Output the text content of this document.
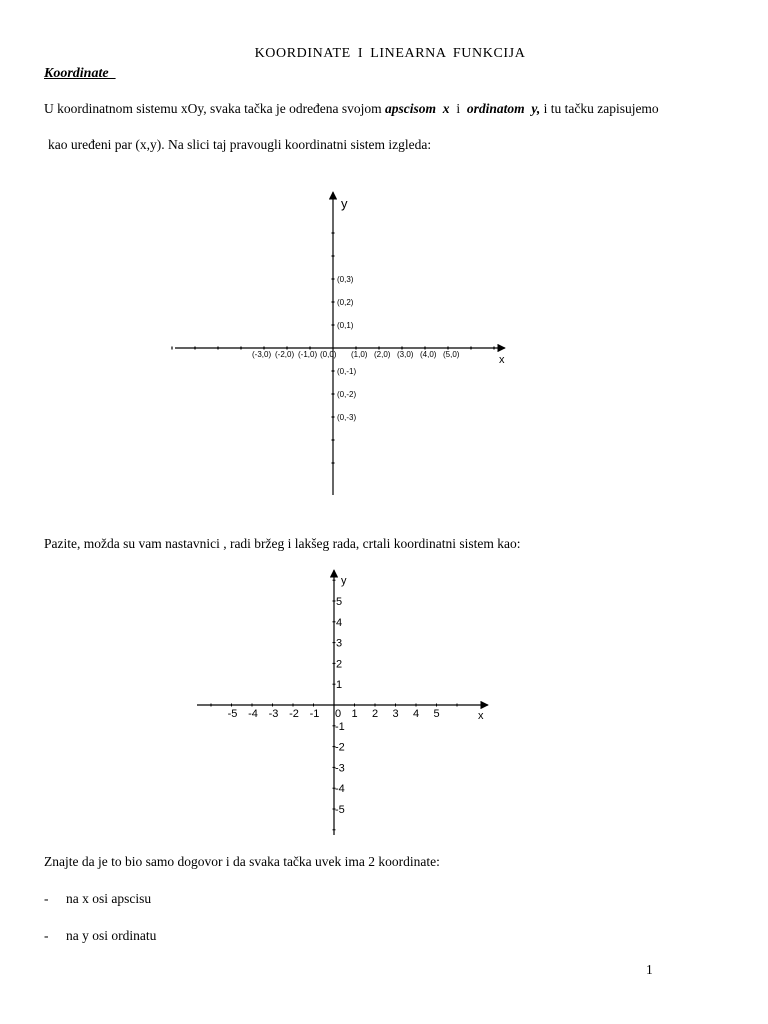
KOORDINATE I LINEARNA FUNKCIJA
Koordinate
U koordinatnom sistemu xOy, svaka tačka je određena svojom apscisom  x  i  ordinatom  y, i tu tačku zapisujemo
kao uređeni par (x,y). Na slici taj pravougli koordinatni sistem izgleda:
y
x
(0,0)
(-3,0) (-2,0) (-1,0)	(1,0) (2,0) (3,0) (4,0) (5,0)
(0,1)
(0,2)
(0,3)
(0,-1)
(0,-2)
(0,-3)
Pazite, možda su vam nastavnici , radi bržeg i lakšeg rada, crtali koordinatni sistem kao:
y
x
0
-5 -4 -3 -2 -1	1 2 3 4 5
1
2
3
4
5
-1
-2
-3
-4
-5
Znajte da je to bio samo dogovor i da svaka tačka uvek ima 2 koordinate:
- na x osi apscisu
- na y osi ordinatu
1
